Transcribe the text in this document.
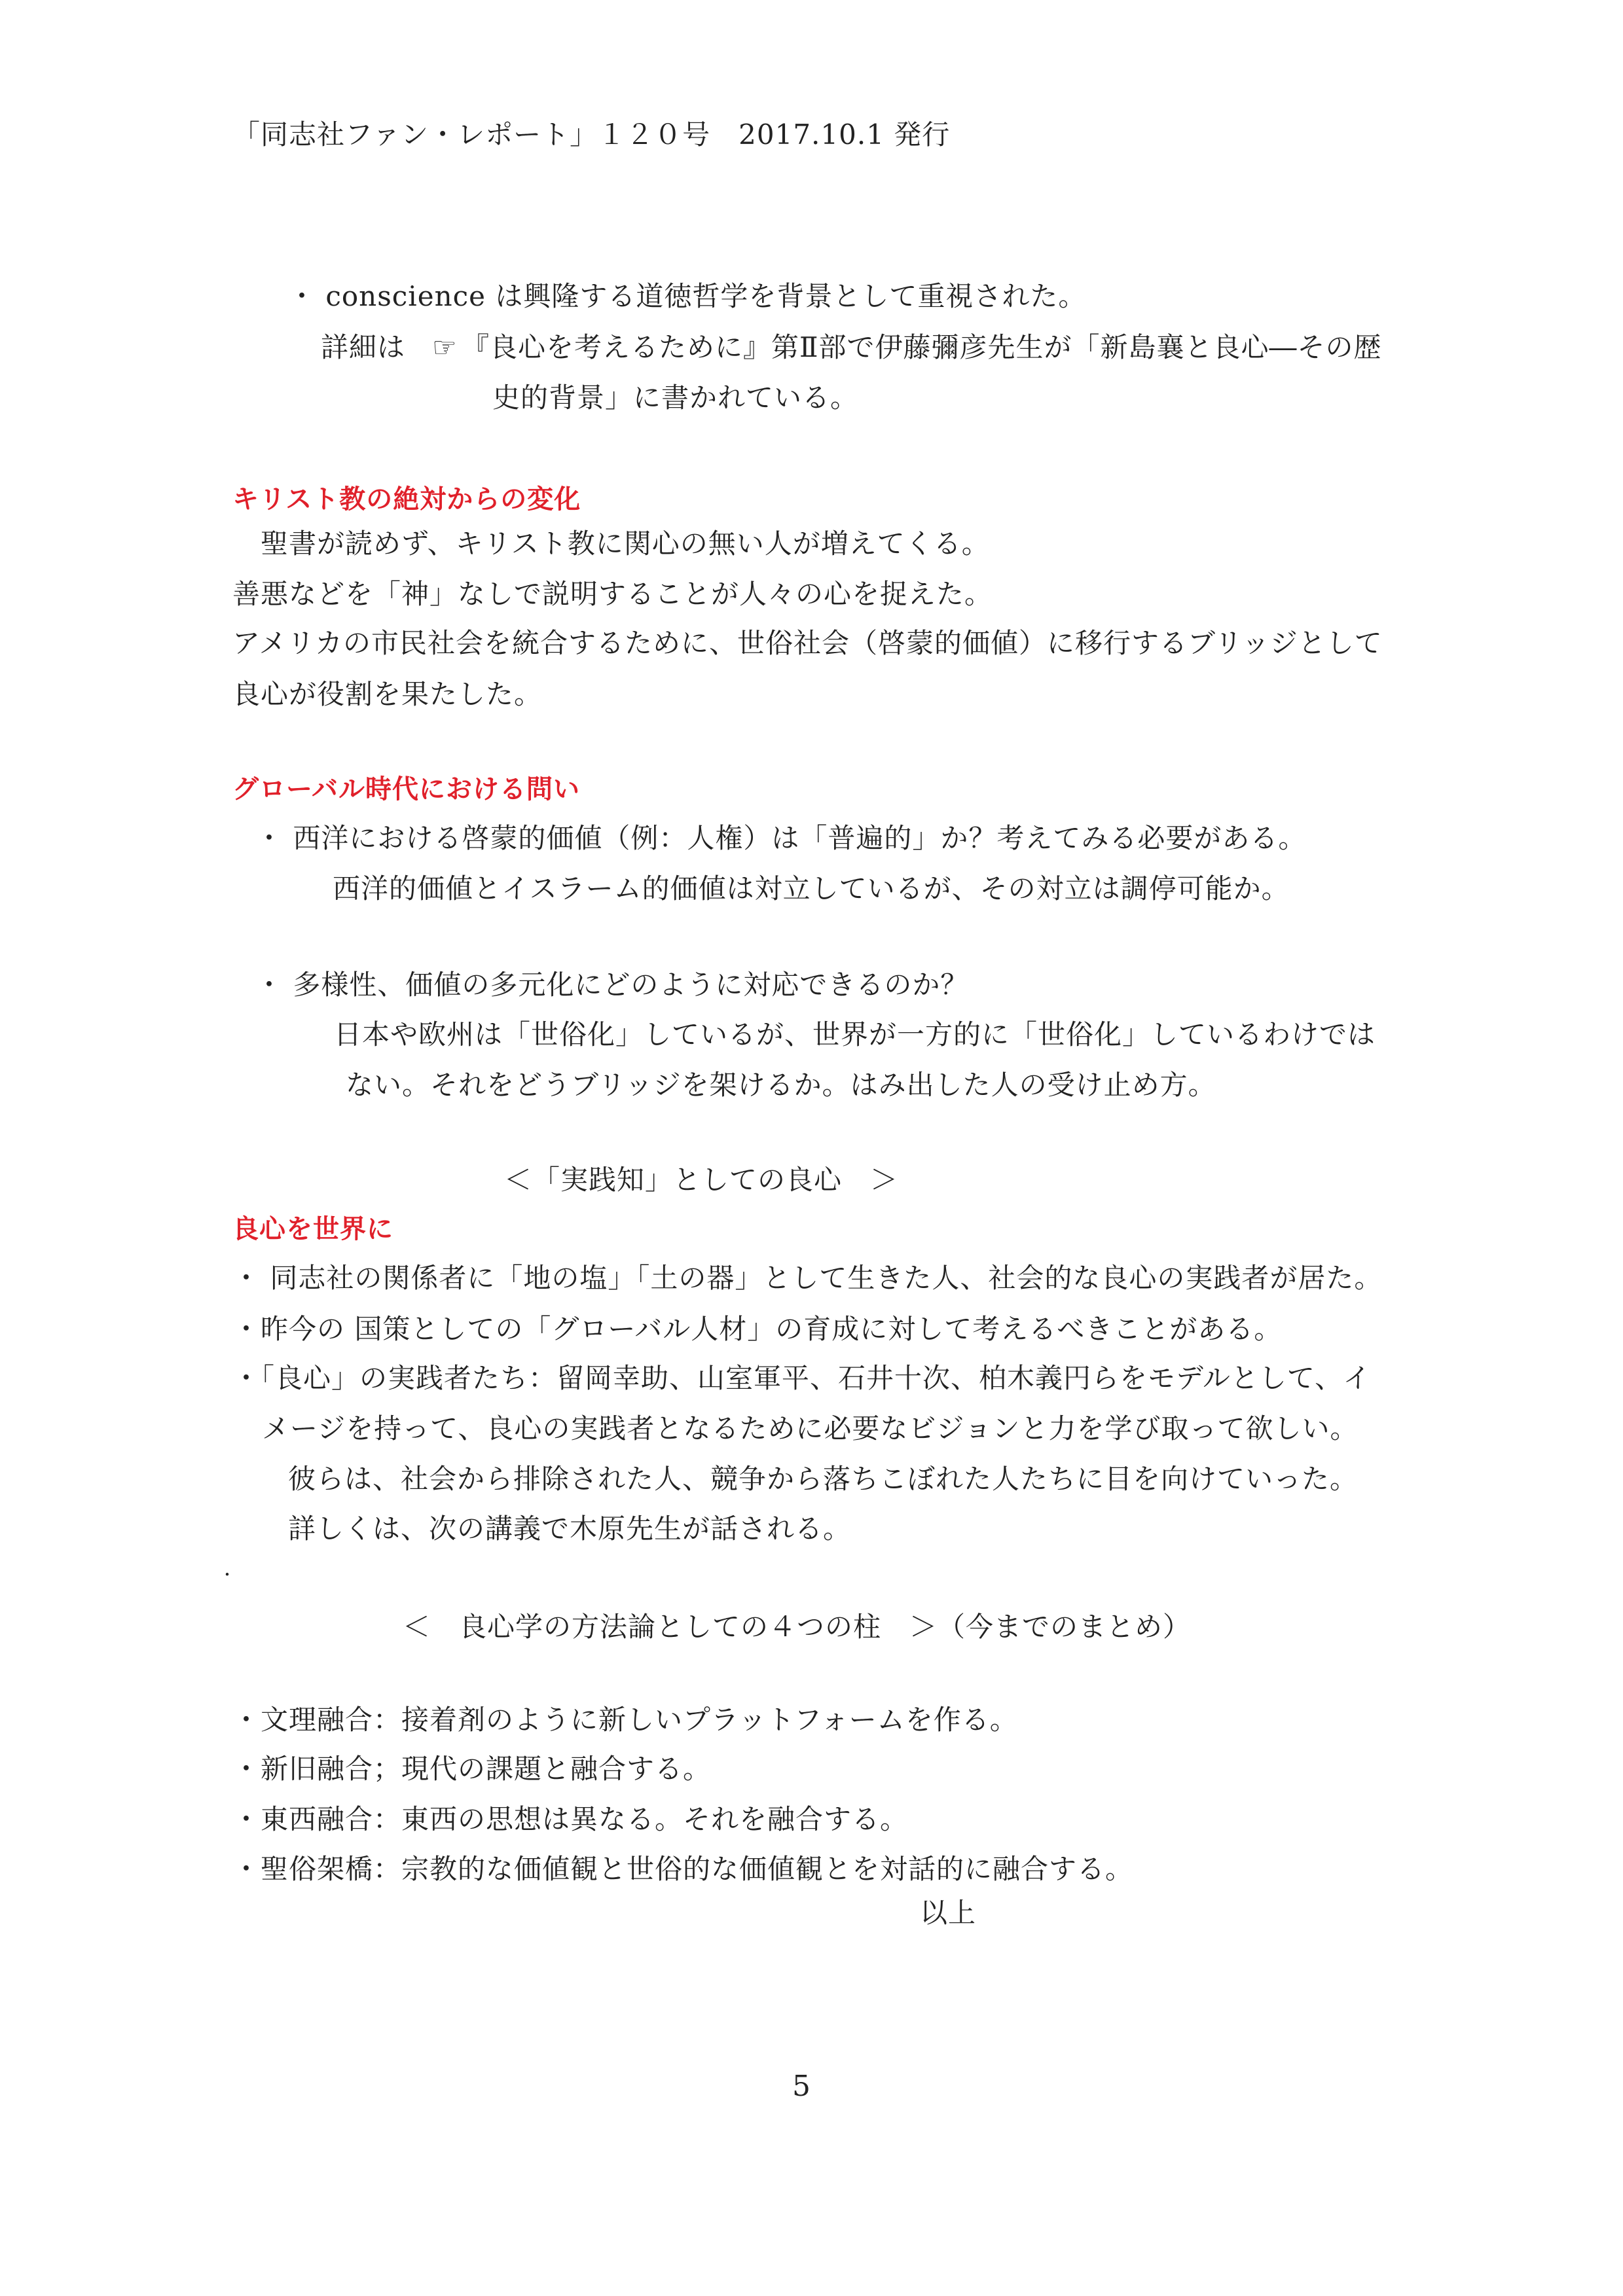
「同志社ファン・レポート」１２０号　2017.10.1 発行
・ conscience は興隆する道徳哲学を背景として重視された。
詳細は ☞ 『良心を考えるために』第Ⅱ部で伊藤彌彦先生が「新島襄と良心―その歴
史的背景」に書かれている。
キリスト教の絶対からの変化
　聖書が読めず、キリスト教に関心の無い人が増えてくる。
善悪などを「神」なしで説明することが人々の心を捉えた。
アメリカの市民社会を統合するために、世俗社会（啓蒙的価値）に移行するブリッジとして
良心が役割を果たした。
グローバル時代における問い
・ 西洋における啓蒙的価値（例：人権）は「普遍的」か？考えてみる必要がある。
西洋的価値とイスラーム的価値は対立しているが、その対立は調停可能か。
・ 多様性、価値の多元化にどのように対応できるのか？
日本や欧州は「世俗化」しているが、世界が一方的に「世俗化」しているわけでは
ない。それをどうブリッジを架けるか。はみ出した人の受け止め方。
＜「実践知」としての良心　＞
良心を世界に
・ 同志社の関係者に「地の塩」「土の器」として生きた人、社会的な良心の実践者が居た。
・昨今の 国策としての「グローバル人材」の育成に対して考えるべきことがある。
・「良心」の実践者たち：留岡幸助、山室軍平、石井十次、柏木義円らをモデルとして、イ
メージを持って、良心の実践者となるために必要なビジョンと力を学び取って欲しい。
彼らは、社会から排除された人、競争から落ちこぼれた人たちに目を向けていった。
詳しくは、次の講義で木原先生が話される。
・
＜　良心学の方法論としての４つの柱　＞（今までのまとめ）
・文理融合：接着剤のように新しいプラットフォームを作る。
・新旧融合；現代の課題と融合する。
・東西融合：東西の思想は異なる。それを融合する。
・聖俗架橋：宗教的な価値観と世俗的な価値観とを対話的に融合する。
以上
5
